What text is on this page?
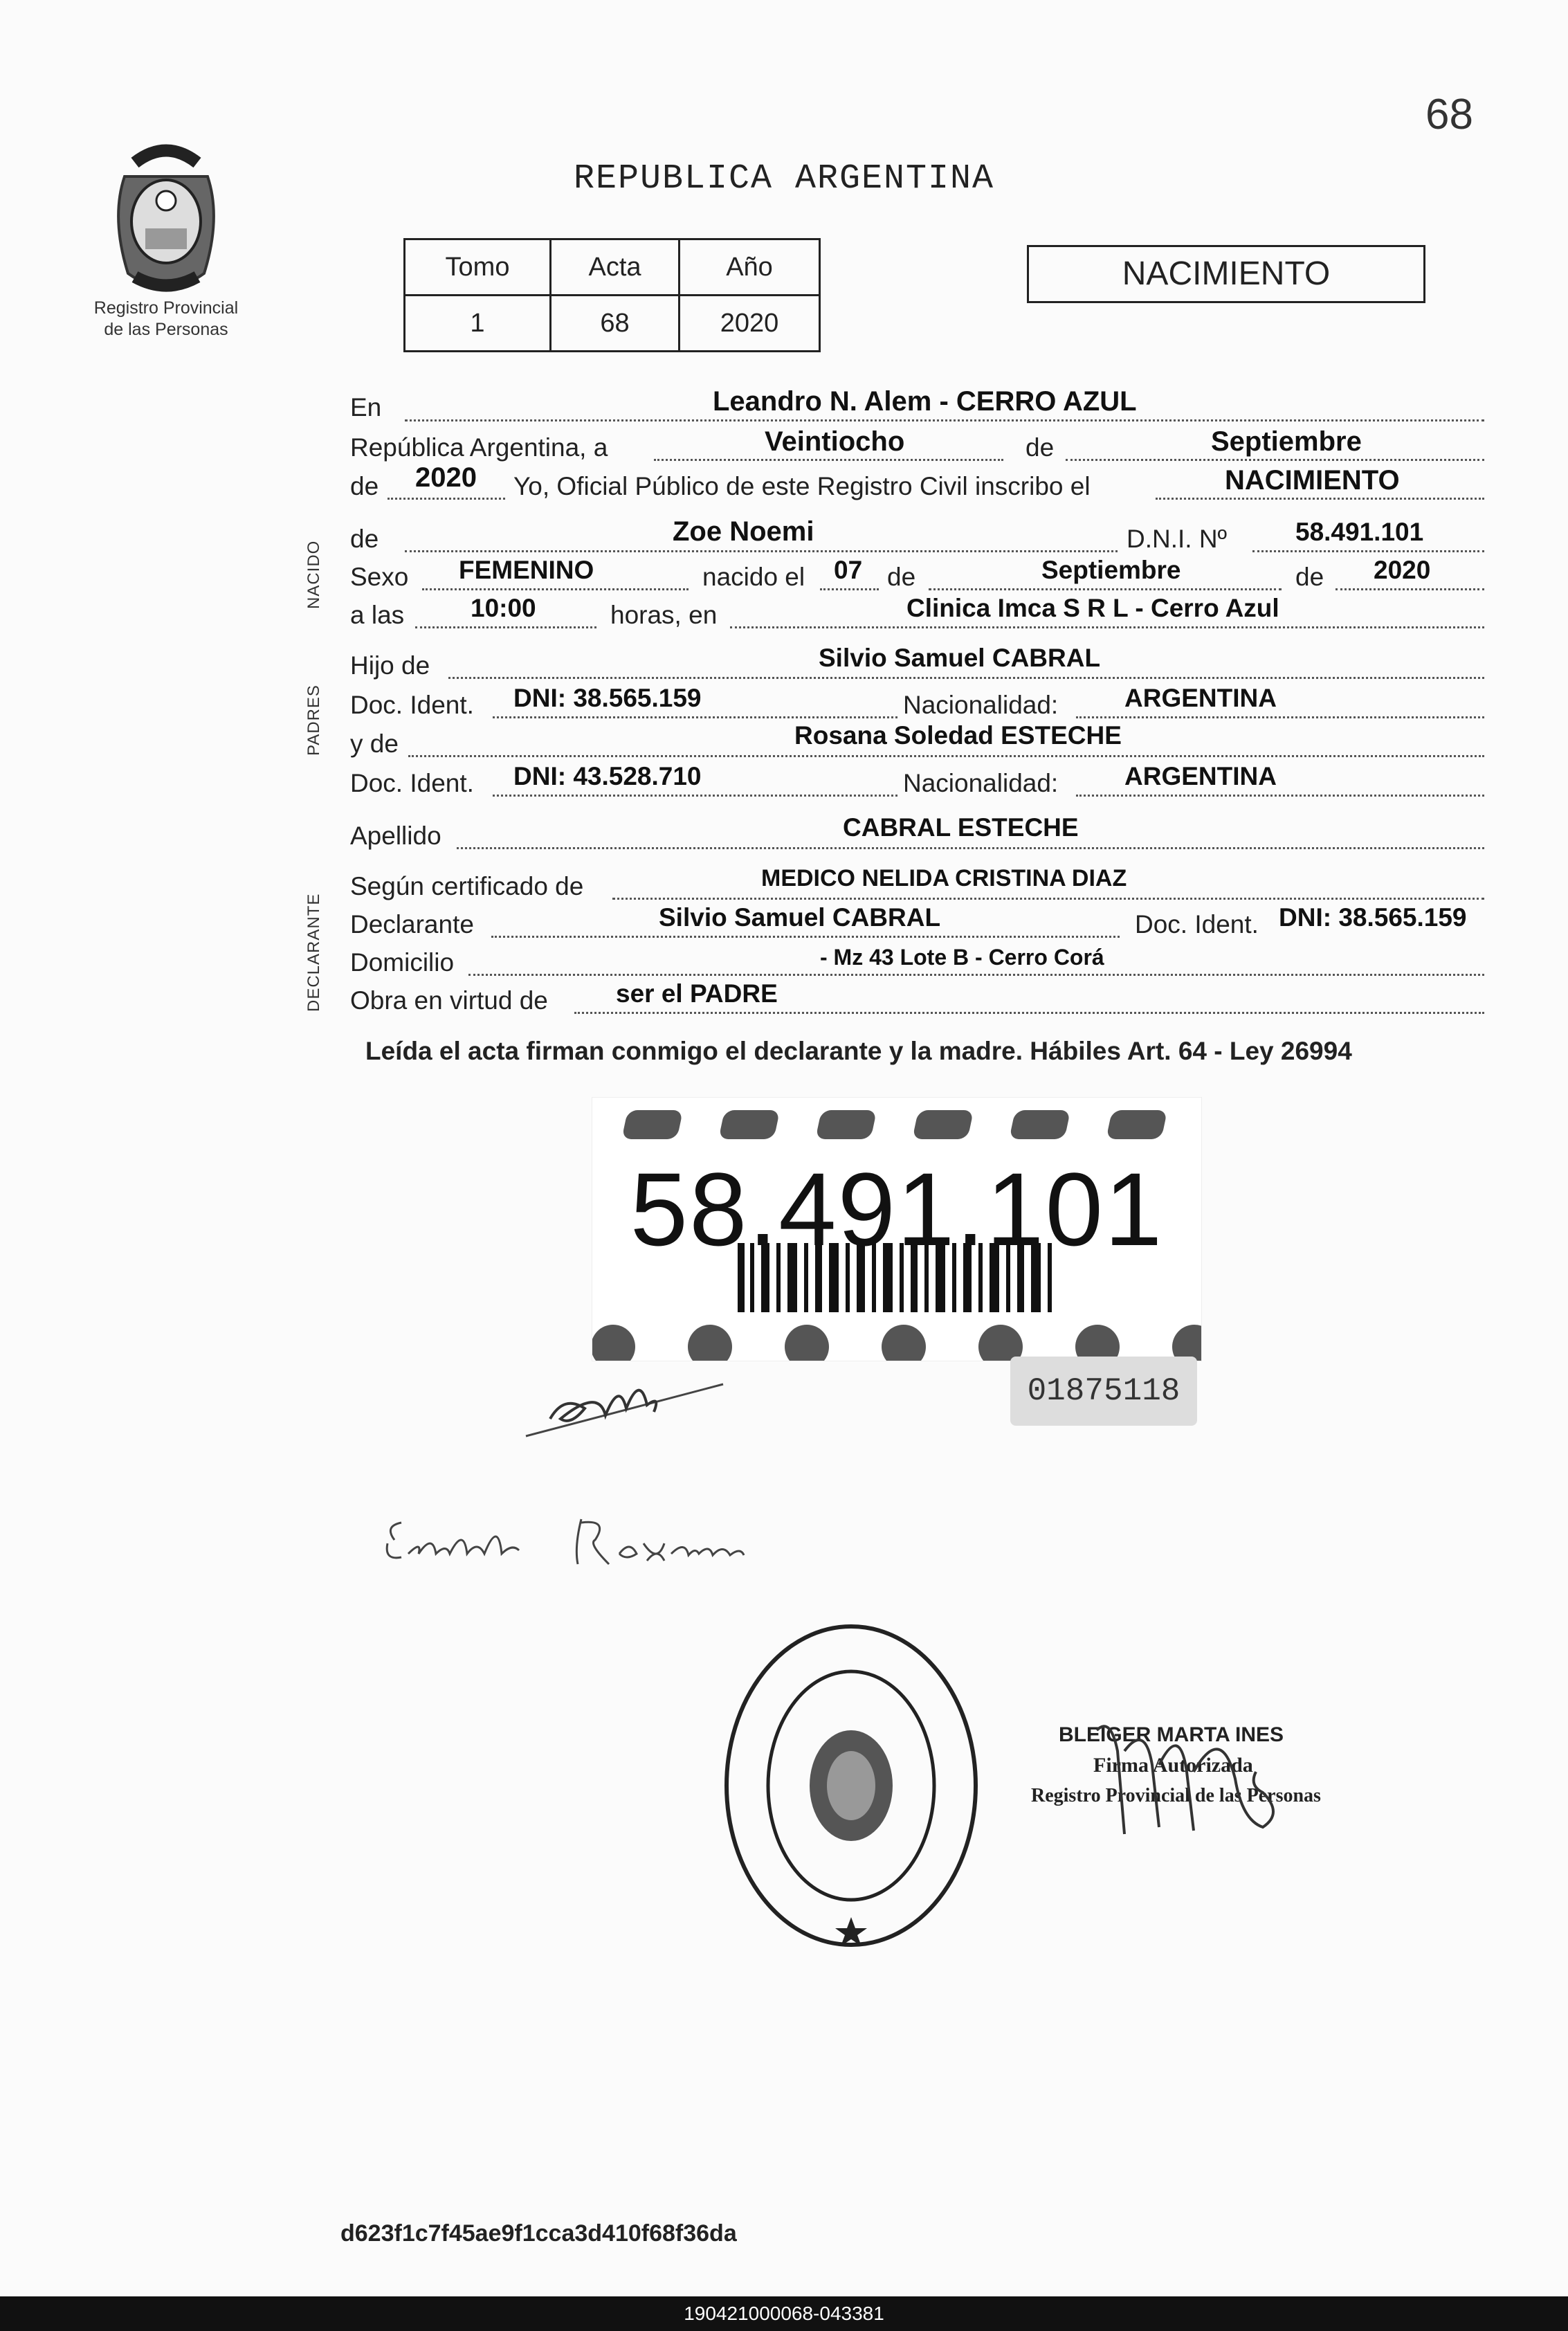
68
REPUBLICA ARGENTINA
Registro Provincial
de las Personas
Tomo	Acta	Año
1	68	2020
NACIMIENTO
NACIDO
PADRES
DECLARANTE
En	Leandro N. Alem - CERRO AZUL
República Argentina, a	Veintiocho	de	Septiembre
de 2020 Yo, Oficial Público de este Registro Civil inscribo el	NACIMIENTO
de	Zoe Noemi	D.N.I. Nº	58.491.101
Sexo FEMENINO	nacido el 07 de	Septiembre	de 2020
a las	10:00	horas, en	Clinica Imca S R L - Cerro Azul
Hijo de	Silvio Samuel CABRAL
Doc. Ident. DNI: 38.565.159	Nacionalidad:	ARGENTINA
y de	Rosana Soledad ESTECHE
Doc. Ident. DNI: 43.528.710	Nacionalidad:	ARGENTINA
Apellido	CABRAL ESTECHE
Según certificado de	MEDICO NELIDA CRISTINA DIAZ
Declarante	Silvio Samuel CABRAL	Doc. Ident. DNI: 38.565.159
Domicilio	- Mz 43 Lote B - Cerro Corá
Obra en virtud de	ser el PADRE
Leída el acta firman conmigo el declarante y la madre. Hábiles Art. 64 - Ley 26994
58.491.101
01875118
BLEIGER MARTA INES
Firma Autorizada
Registro Provincial de las Personas
d623f1c7f45ae9f1cca3d410f68f36da
190421000068-043381
